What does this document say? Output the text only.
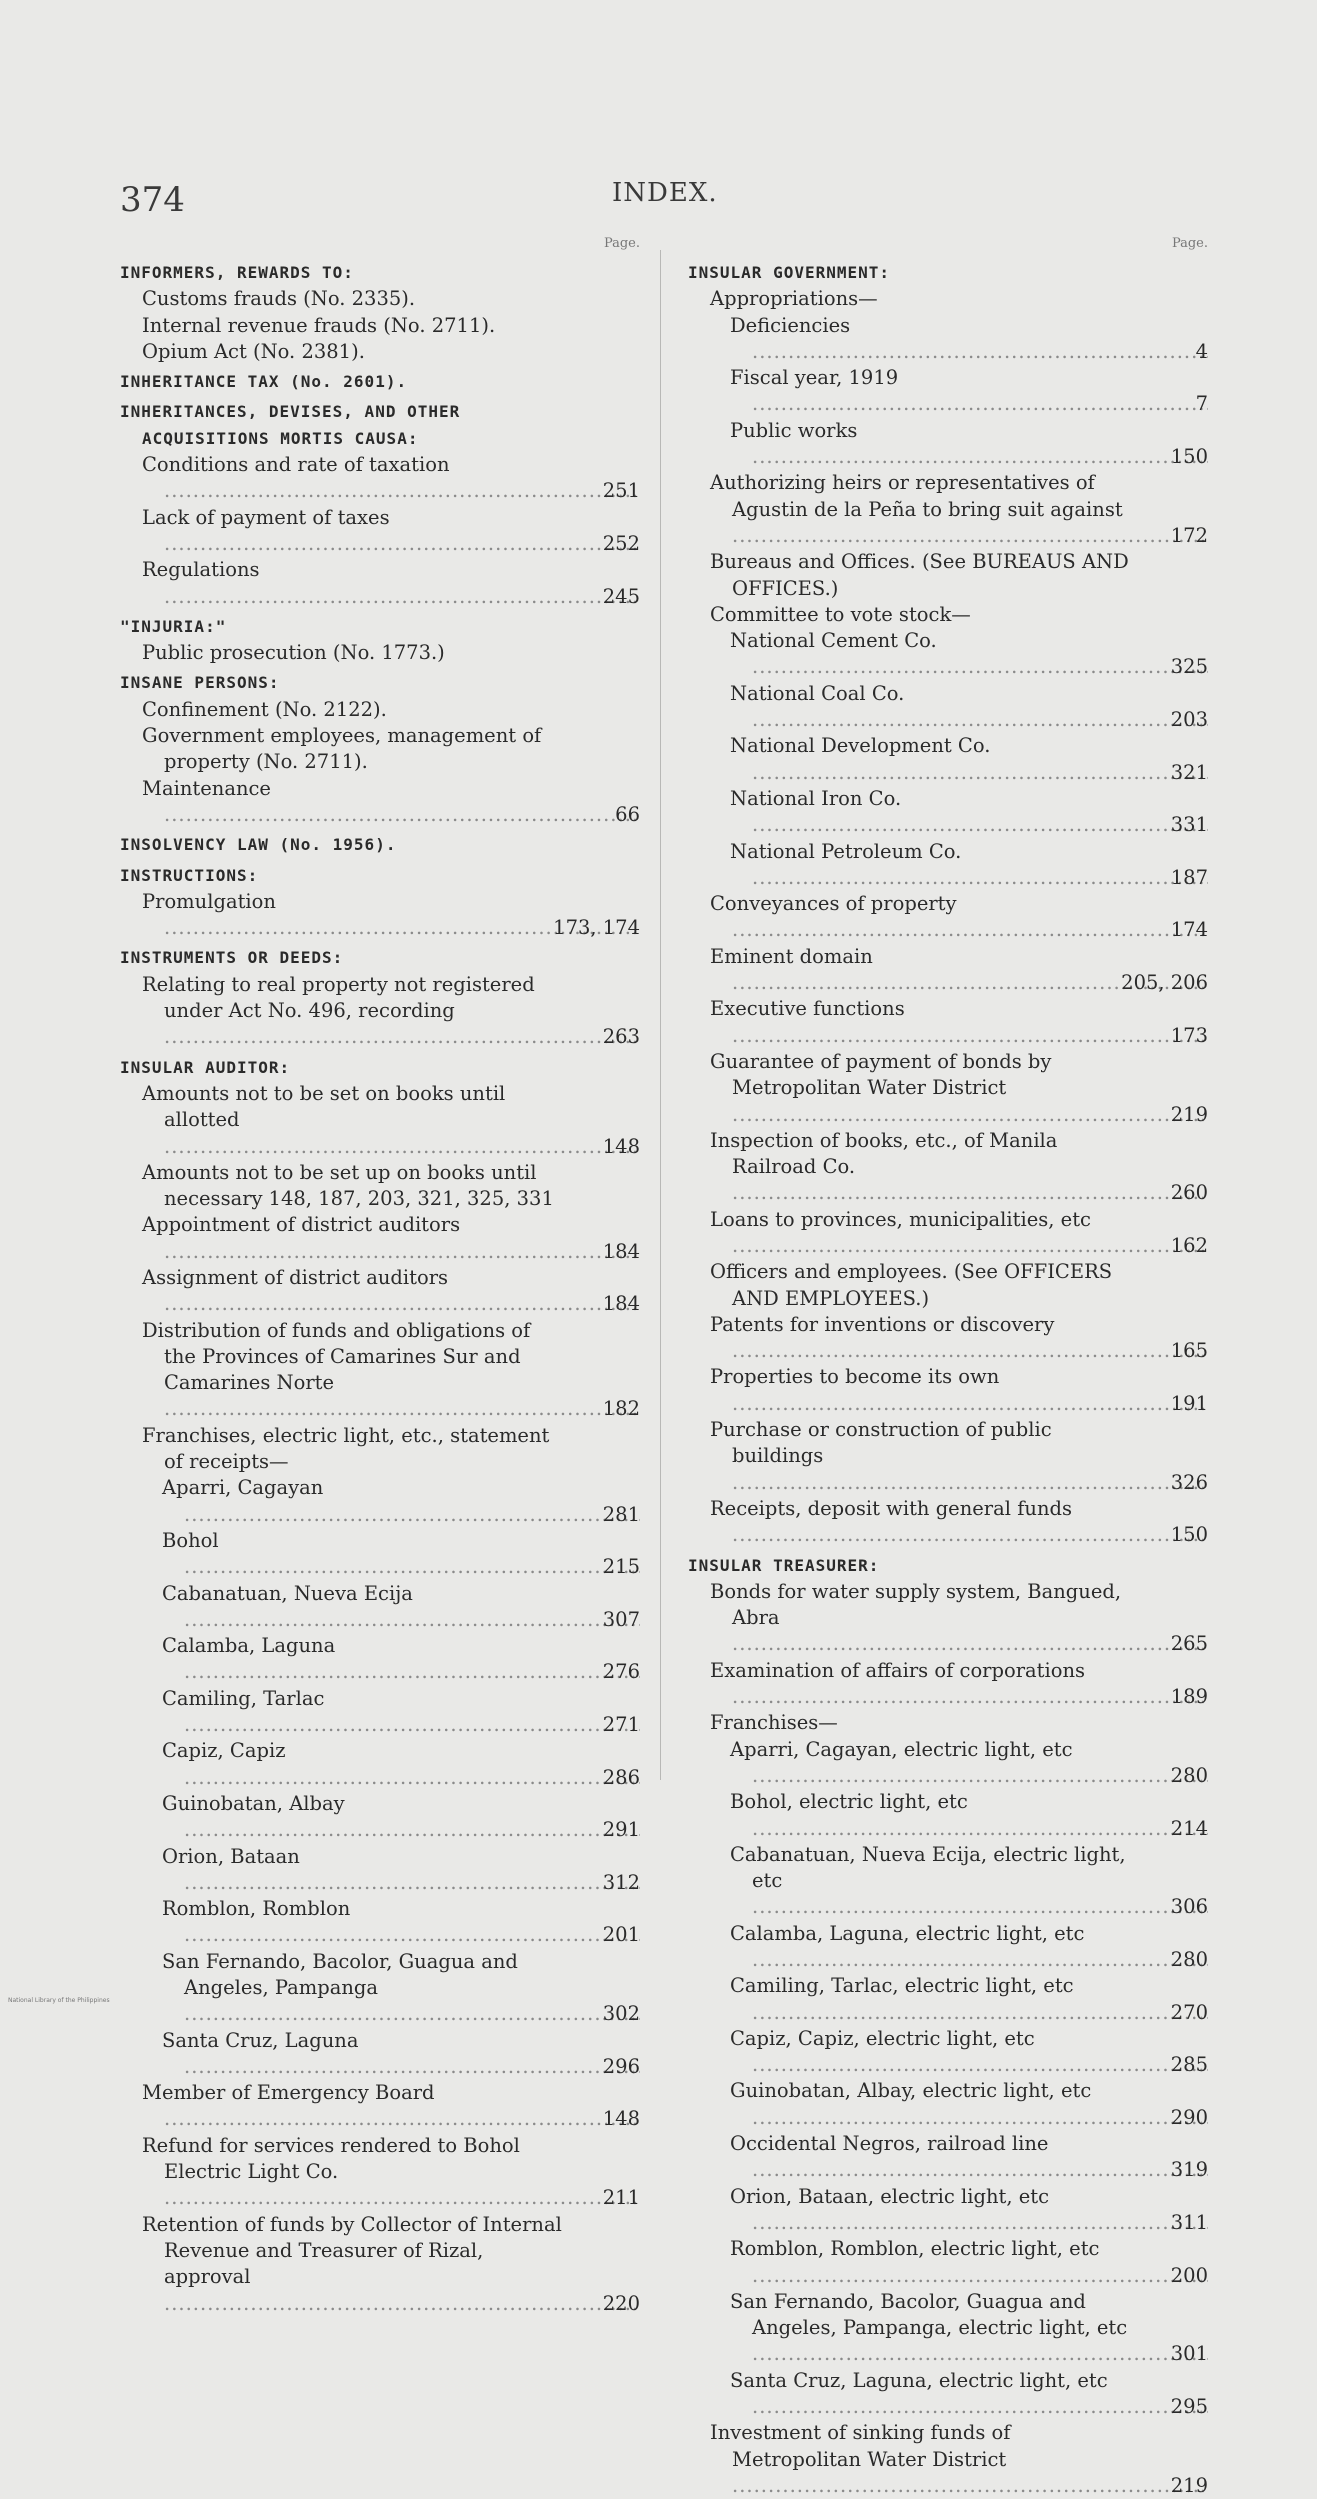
374	INDEX.
Page.
INFORMERS, REWARDS TO:
Customs frauds (No. 2335).
Internal revenue frauds (No. 2711).
Opium Act (No. 2381).
INHERITANCE TAX (No. 2601).
INHERITANCES, DEVISES, AND OTHER ACQUISITIONS MORTIS CAUSA:
Conditions and rate of taxation .....
251
Lack of payment of taxes .....
252
Regulations .....
245
"INJURIA:"
Public prosecution (No. 1773.)
INSANE PERSONS:
Confinement (No. 2122).
Government employees, management of property (No. 2711).
Maintenance .....
66
INSOLVENCY LAW (No. 1956).
INSTRUCTIONS:
Promulgation .....
173, 174
INSTRUMENTS OR DEEDS:
Relating to real property not registered under Act No. 496, recording .....
263
INSULAR AUDITOR:
Amounts not to be set on books until allotted .....
148
Amounts not to be set up on books until necessary 148, 187, 203, 321, 325, 331
Appointment of district auditors .....
184
Assignment of district auditors .....
184
Distribution of funds and obligations of the Provinces of Camarines Sur and Camarines Norte .....
182
Franchises, electric light, etc., statement of receipts—
Aparri, Cagayan .....
281
Bohol .....
215
Cabanatuan, Nueva Ecija .....
307
Calamba, Laguna .....
276
Camiling, Tarlac .....
271
Capiz, Capiz .....
286
Guinobatan, Albay .....
291
Orion, Bataan .....
312
Romblon, Romblon .....
201
San Fernando, Bacolor, Guagua and Angeles, Pampanga .....
302
Santa Cruz, Laguna .....
296
Member of Emergency Board .....
148
Refund for services rendered to Bohol Electric Light Co. .....
211
Retention of funds by Collector of Internal Revenue and Treasurer of Rizal, approval .....
220
Page.
INSULAR GOVERNMENT:
Appropriations—
Deficiencies .....
4
Fiscal year, 1919 .....
7
Public works .....
150
Authorizing heirs or representatives of Agustin de la Peña to bring suit against .....
172
Bureaus and Offices. (See BUREAUS AND OFFICES.)
Committee to vote stock—
National Cement Co. .....
325
National Coal Co. .....
203
National Development Co. .....
321
National Iron Co. .....
331
National Petroleum Co. .....
187
Conveyances of property .....
174
Eminent domain .....
205, 206
Executive functions .....
173
Guarantee of payment of bonds by Metropolitan Water District .....
219
Inspection of books, etc., of Manila Railroad Co. .....
260
Loans to provinces, municipalities, etc .....
162
Officers and employees. (See OFFICERS AND EMPLOYEES.)
Patents for inventions or discovery .....
165
Properties to become its own .....
191
Purchase or construction of public buildings .....
326
Receipts, deposit with general funds .....
150
INSULAR TREASURER:
Bonds for water supply system, Bangued, Abra .....
265
Examination of affairs of corporations .....
189
Franchises—
Aparri, Cagayan, electric light, etc .....
280
Bohol, electric light, etc .....
214
Cabanatuan, Nueva Ecija, electric light, etc .....
306
Calamba, Laguna, electric light, etc .....
280
Camiling, Tarlac, electric light, etc .....
270
Capiz, Capiz, electric light, etc .....
285
Guinobatan, Albay, electric light, etc .....
290
Occidental Negros, railroad line .....
319
Orion, Bataan, electric light, etc .....
311
Romblon, Romblon, electric light, etc .....
200
San Fernando, Bacolor, Guagua and Angeles, Pampanga, electric light, etc .....
301
Santa Cruz, Laguna, electric light, etc .....
295
Investment of sinking funds of Metropolitan Water District .....
219
National Library of the Philippines
